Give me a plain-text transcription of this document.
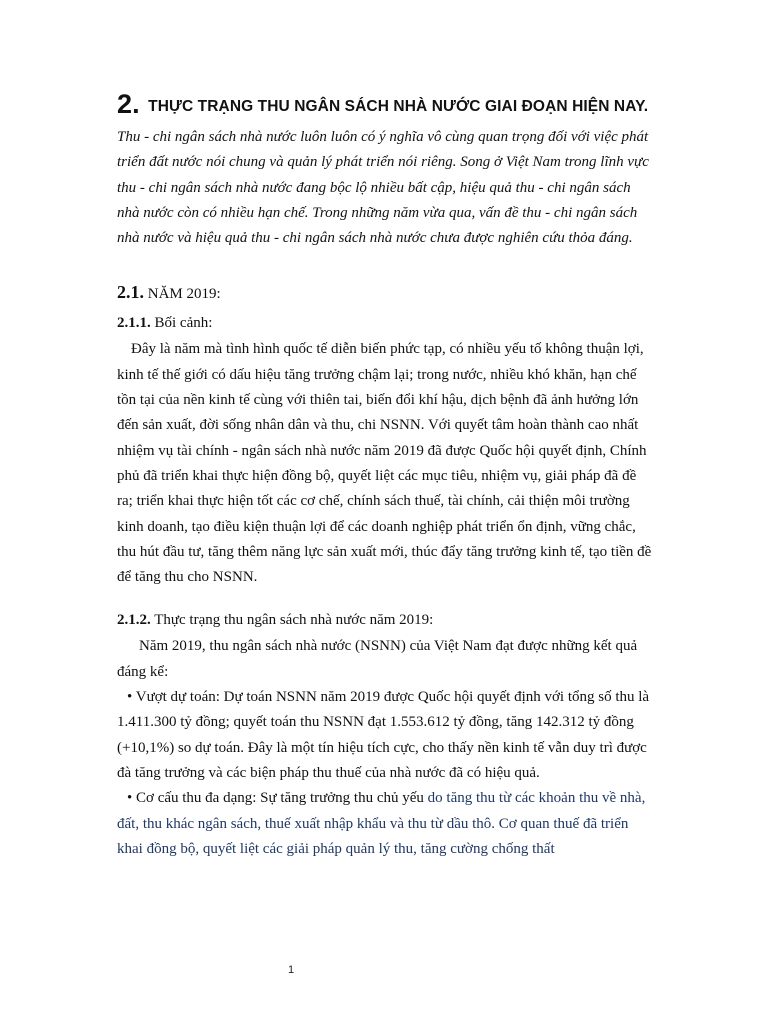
2. THỰC TRẠNG THU NGÂN SÁCH NHÀ NƯỚC GIAI ĐOẠN HIỆN NAY.

Thu - chi ngân sách nhà nước luôn luôn có ý nghĩa vô cùng quan trọng đối với việc phát triển đất nước nói chung và quản lý phát triển nói riêng. Song ở Việt Nam trong lĩnh vực thu - chi ngân sách nhà nước đang bộc lộ nhiều bất cập, hiệu quả thu - chi ngân sách nhà nước còn có nhiều hạn chế. Trong những năm vừa qua, vấn đề thu - chi ngân sách nhà nước và hiệu quả thu - chi ngân sách nhà nước chưa được nghiên cứu thỏa đáng.

2.1. NĂM 2019:
2.1.1. Bối cảnh:

Đây là năm mà tình hình quốc tế diễn biến phức tạp, có nhiều yếu tố không thuận lợi, kinh tế thế giới có dấu hiệu tăng trưởng chậm lại; trong nước, nhiều khó khăn, hạn chế tồn tại của nền kinh tế cùng với thiên tai, biến đổi khí hậu, dịch bệnh đã ảnh hưởng lớn đến sản xuất, đời sống nhân dân và thu, chi NSNN. Với quyết tâm hoàn thành cao nhất nhiệm vụ tài chính - ngân sách nhà nước năm 2019 đã được Quốc hội quyết định, Chính phủ đã triển khai thực hiện đồng bộ, quyết liệt các mục tiêu, nhiệm vụ, giải pháp đã đề ra; triển khai thực hiện tốt các cơ chế, chính sách thuế, tài chính, cải thiện môi trường kinh doanh, tạo điều kiện thuận lợi để các doanh nghiệp phát triển ổn định, vững chắc, thu hút đầu tư, tăng thêm năng lực sản xuất mới, thúc đẩy tăng trưởng kinh tế, tạo tiền đề để tăng thu cho NSNN.

2.1.2. Thực trạng thu ngân sách nhà nước năm 2019:

Năm 2019, thu ngân sách nhà nước (NSNN) của Việt Nam đạt được những kết quả đáng kể:

• Vượt dự toán: Dự toán NSNN năm 2019 được Quốc hội quyết định với tổng số thu là 1.411.300 tỷ đồng; quyết toán thu NSNN đạt 1.553.612 tỷ đồng, tăng 142.312 tỷ đồng (+10,1%) so dự toán. Đây là một tín hiệu tích cực, cho thấy nền kinh tế vẫn duy trì được đà tăng trưởng và các biện pháp thu thuế của nhà nước đã có hiệu quả.

• Cơ cấu thu đa dạng: Sự tăng trưởng thu chủ yếu do tăng thu từ các khoản thu về nhà, đất, thu khác ngân sách, thuế xuất nhập khẩu và thu từ dầu thô. Cơ quan thuế đã triển khai đồng bộ, quyết liệt các giải pháp quản lý thu, tăng cường chống thất

1
